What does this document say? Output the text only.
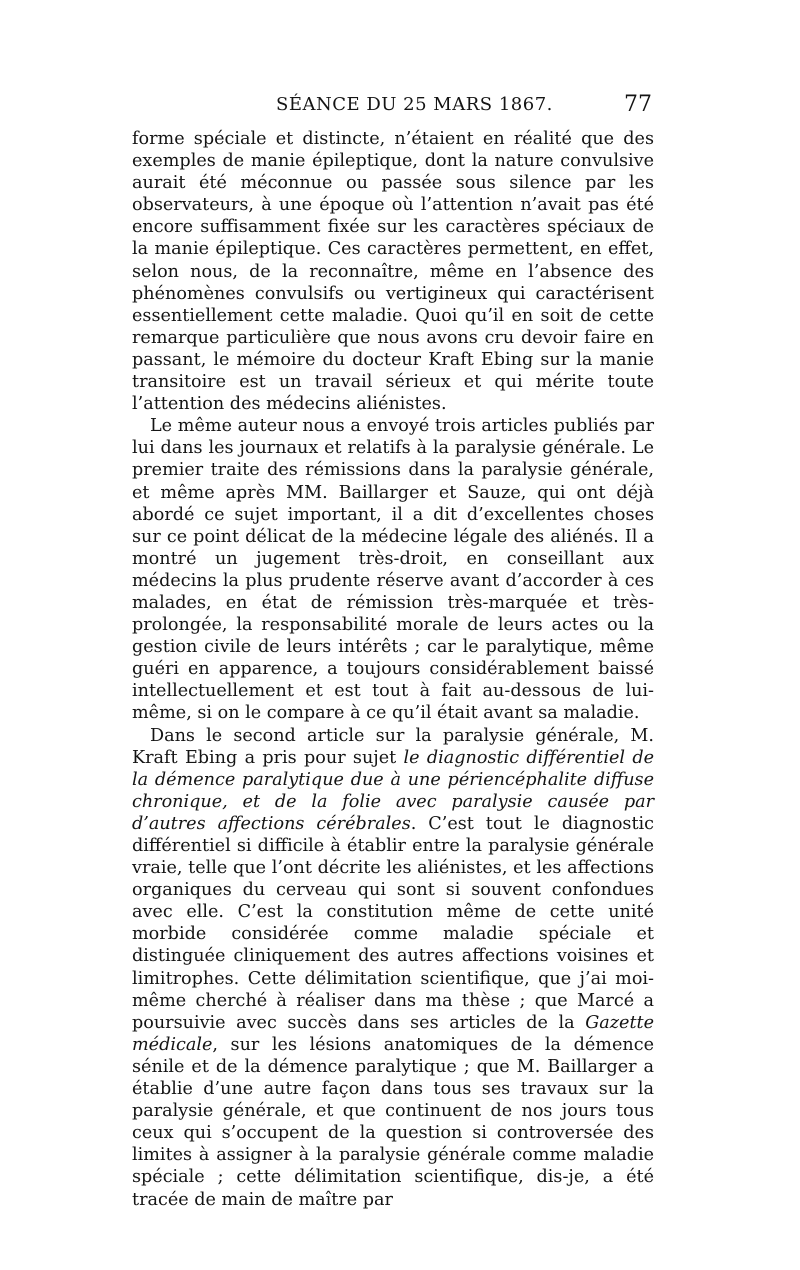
SÉANCE DU 25 MARS 1867.	77

forme spéciale et distincte, n’étaient en réalité que des exemples de manie épileptique, dont la nature convulsive aurait été méconnue ou passée sous silence par les observateurs, à une époque où l’attention n’avait pas été encore suffisamment fixée sur les caractères spéciaux de la manie épileptique. Ces caractères permettent, en effet, selon nous, de la reconnaître, même en l’absence des phénomènes convulsifs ou vertigineux qui caractérisent essentiellement cette maladie. Quoi qu’il en soit de cette remarque particulière que nous avons cru devoir faire en passant, le mémoire du docteur Kraft Ebing sur la manie transitoire est un travail sérieux et qui mérite toute l’attention des médecins aliénistes.

Le même auteur nous a envoyé trois articles publiés par lui dans les journaux et relatifs à la paralysie générale. Le premier traite des rémissions dans la paralysie générale, et même après MM. Baillarger et Sauze, qui ont déjà abordé ce sujet important, il a dit d’excellentes choses sur ce point délicat de la médecine légale des aliénés. Il a montré un jugement très-droit, en conseillant aux médecins la plus prudente réserve avant d’accorder à ces malades, en état de rémission très-marquée et très-prolongée, la responsabilité morale de leurs actes ou la gestion civile de leurs intérêts ; car le paralytique, même guéri en apparence, a toujours considérablement baissé intellectuellement et est tout à fait au-dessous de lui-même, si on le compare à ce qu’il était avant sa maladie.

Dans le second article sur la paralysie générale, M. Kraft Ebing a pris pour sujet le diagnostic différentiel de la démence paralytique due à une périencéphalite diffuse chronique, et de la folie avec paralysie causée par d’autres affections cérébrales. C’est tout le diagnostic différentiel si difficile à établir entre la paralysie générale vraie, telle que l’ont décrite les aliénistes, et les affections organiques du cerveau qui sont si souvent confondues avec elle. C’est la constitution même de cette unité morbide considérée comme maladie spéciale et distinguée cliniquement des autres affections voisines et limitrophes. Cette délimitation scientifique, que j’ai moi-même cherché à réaliser dans ma thèse ; que Marcé a poursuivie avec succès dans ses articles de la Gazette médicale, sur les lésions anatomiques de la démence sénile et de la démence paralytique ; que M. Baillarger a établie d’une autre façon dans tous ses travaux sur la paralysie générale, et que continuent de nos jours tous ceux qui s’occupent de la question si controversée des limites à assigner à la paralysie générale comme maladie spéciale ; cette délimitation scientifique, dis-je, a été tracée de main de maître par
